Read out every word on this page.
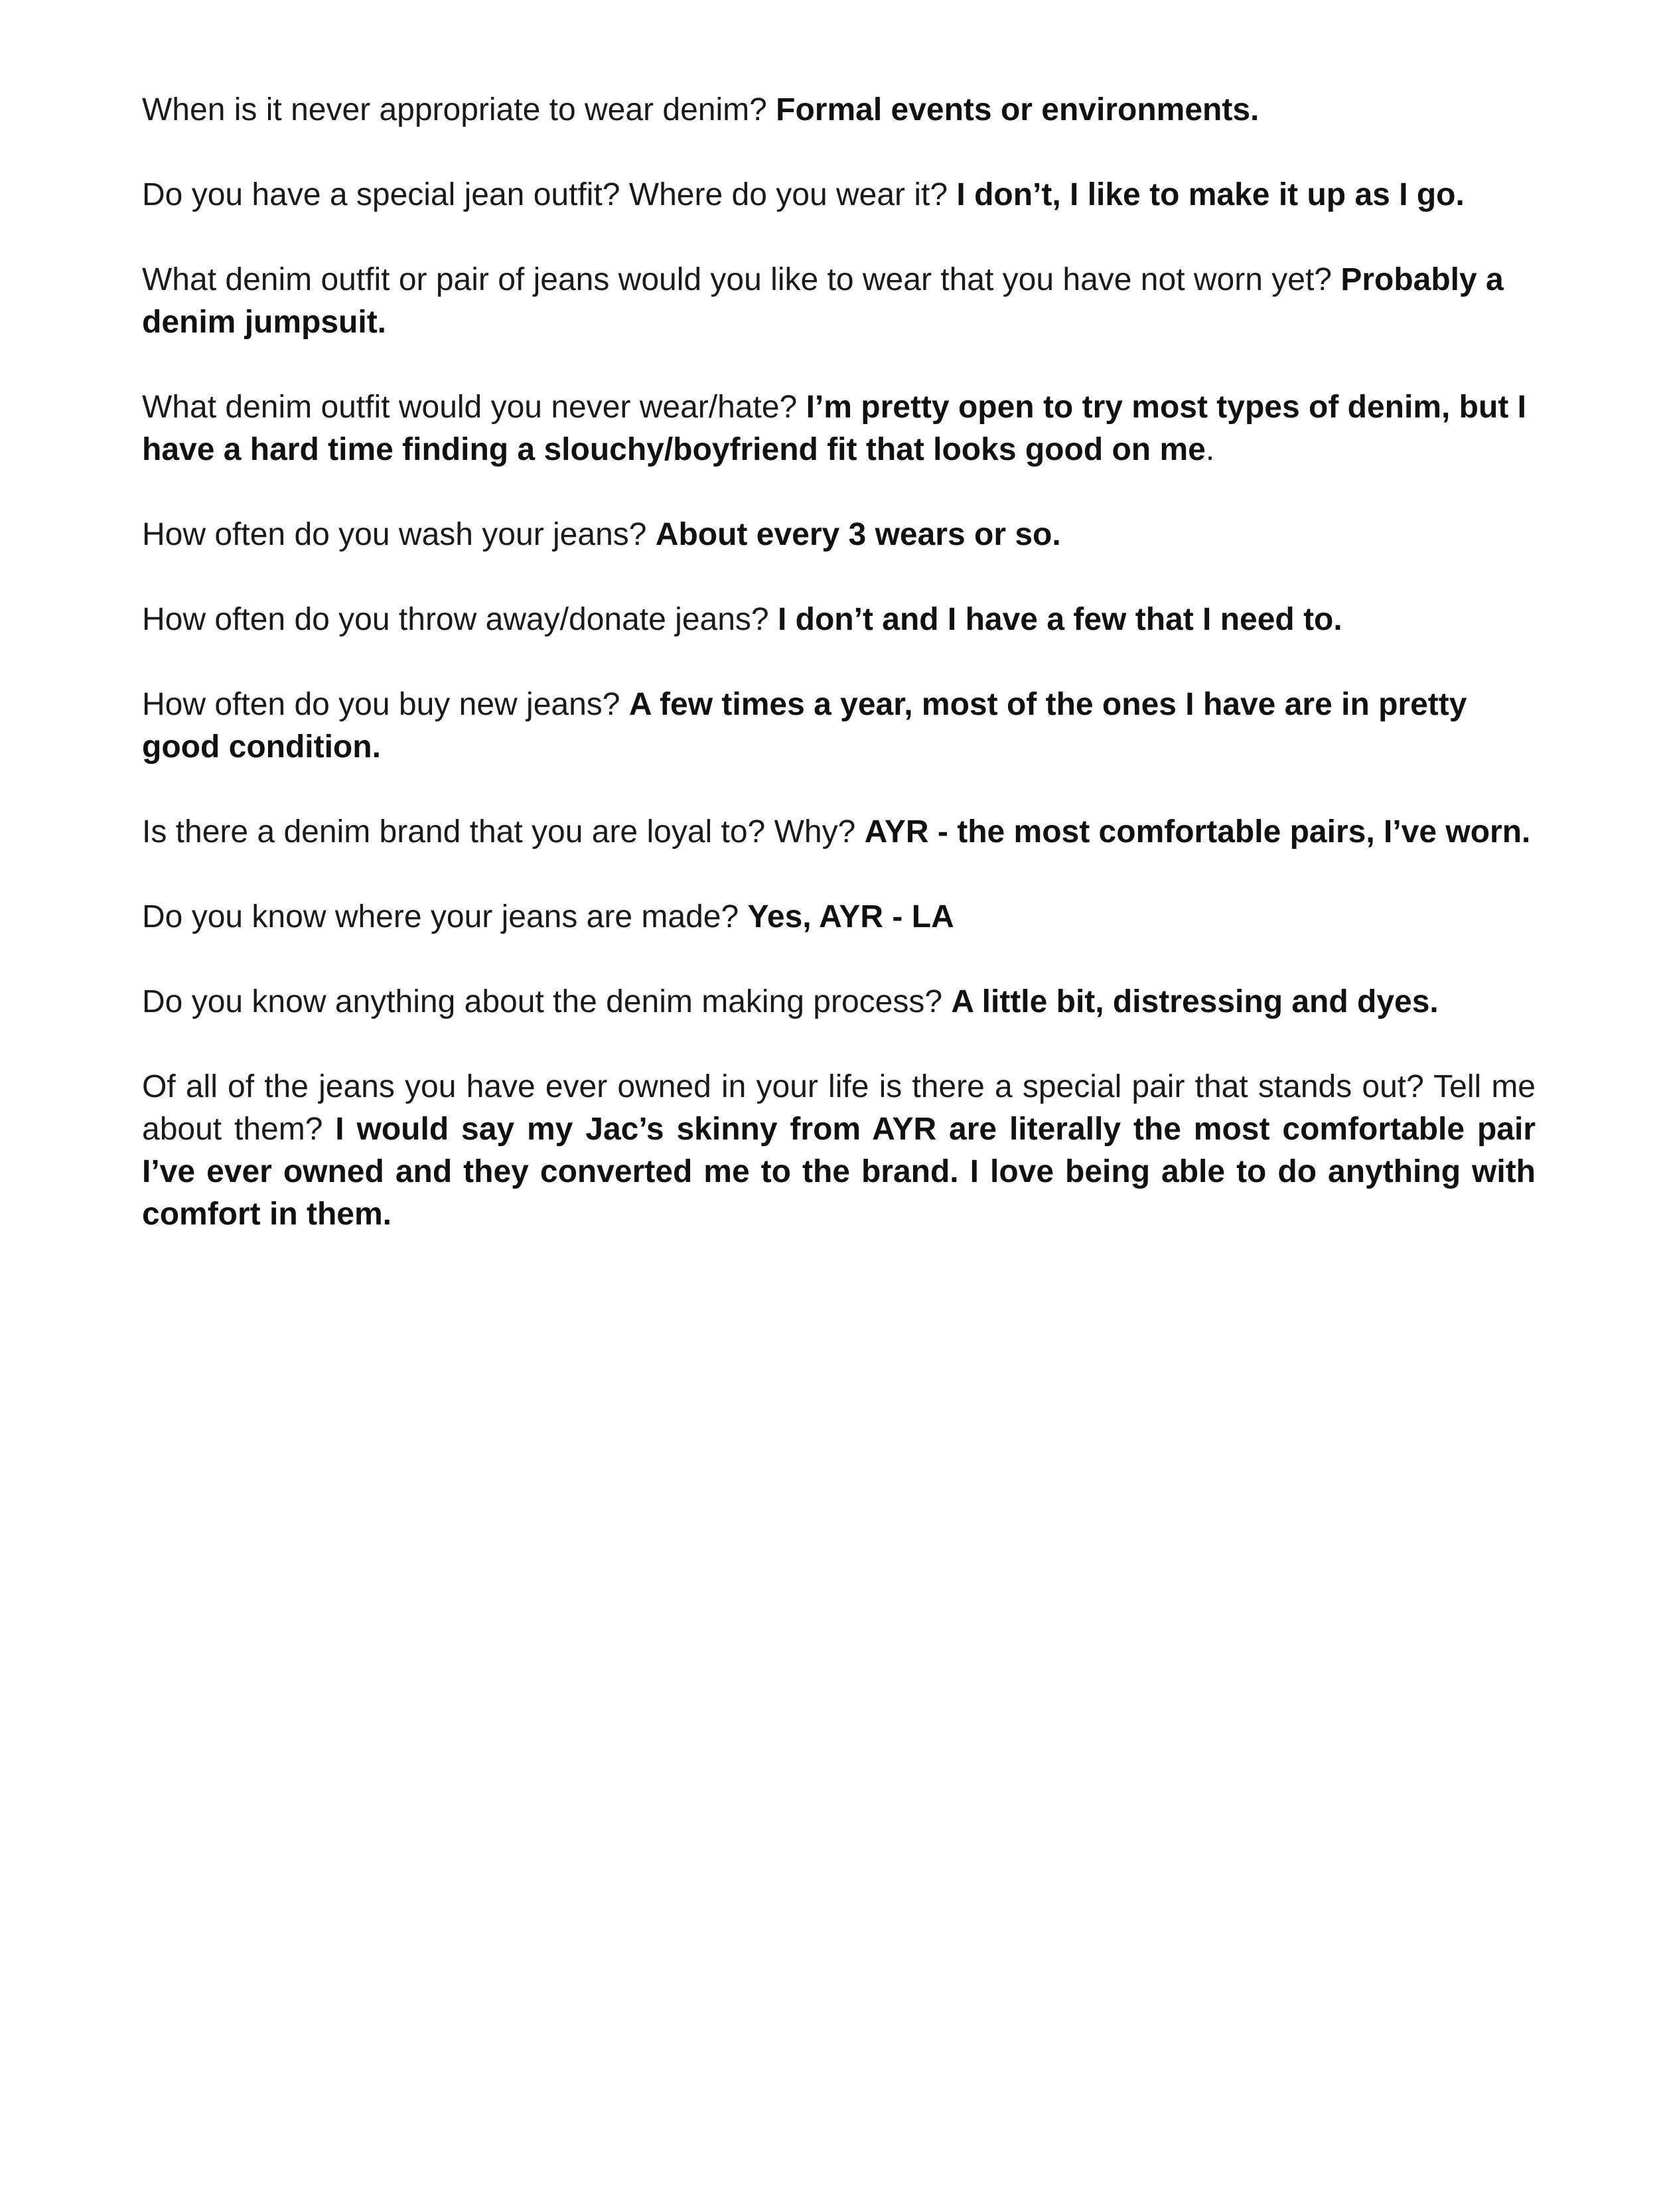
When is it never appropriate to wear denim? Formal events or environments.

Do you have a special jean outfit? Where do you wear it? I don’t, I like to make it up as I go.

What denim outfit or pair of jeans would you like to wear that you have not worn yet? Probably a denim jumpsuit.

What denim outfit would you never wear/hate? I’m pretty open to try most types of denim, but I have a hard time finding a slouchy/boyfriend fit that looks good on me.

How often do you wash your jeans? About every 3 wears or so.

How often do you throw away/donate jeans? I don’t and I have a few that I need to.

How often do you buy new jeans? A few times a year, most of the ones I have are in pretty good condition.

Is there a denim brand that you are loyal to? Why? AYR - the most comfortable pairs, I’ve worn.

Do you know where your jeans are made? Yes, AYR - LA

Do you know anything about the denim making process? A little bit, distressing and dyes.

Of all of the jeans you have ever owned in your life is there a special pair that stands out? Tell me about them? I would say my Jac’s skinny from AYR are literally the most comfortable pair I’ve ever owned and they converted me to the brand. I love being able to do anything with comfort in them.
